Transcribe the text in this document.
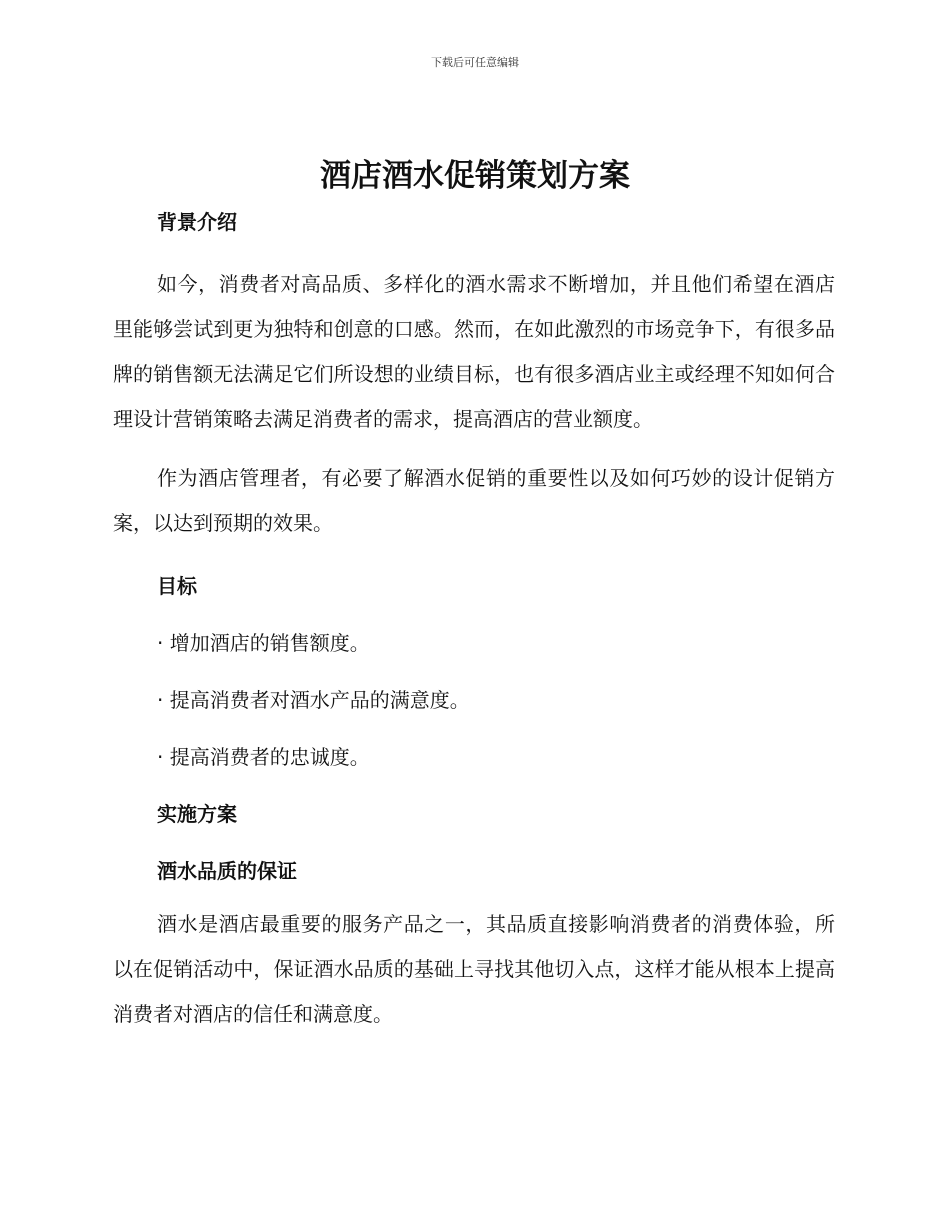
下载后可任意编辑
酒店酒水促销策划方案
背景介绍

如今，消费者对高品质、多样化的酒水需求不断增加，并且他们希望在酒店里能够尝试到更为独特和创意的口感。然而，在如此激烈的市场竞争下，有很多品牌的销售额无法满足它们所设想的业绩目标，也有很多酒店业主或经理不知如何合理设计营销策略去满足消费者的需求，提高酒店的营业额度。

作为酒店管理者，有必要了解酒水促销的重要性以及如何巧妙的设计促销方案，以达到预期的效果。

目标

· 增加酒店的销售额度。

· 提高消费者对酒水产品的满意度。

· 提高消费者的忠诚度。

实施方案
酒水品质的保证

酒水是酒店最重要的服务产品之一，其品质直接影响消费者的消费体验，所以在促销活动中，保证酒水品质的基础上寻找其他切入点，这样才能从根本上提高消费者对酒店的信任和满意度。
